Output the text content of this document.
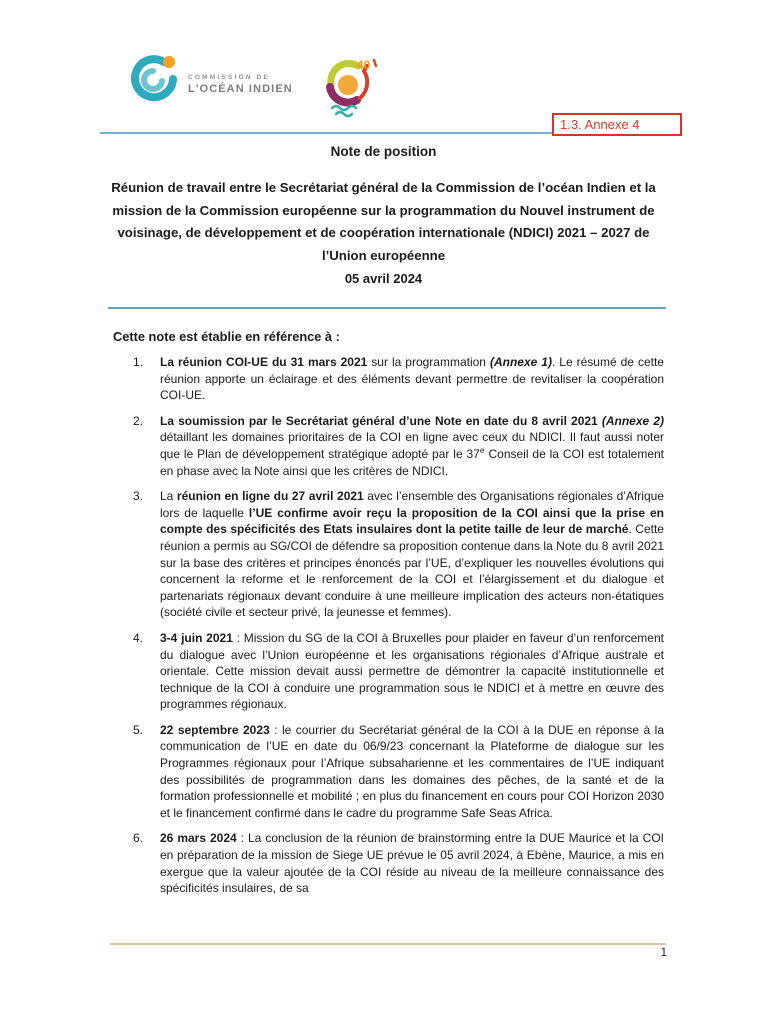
COMMISSION DE
L'OCÉAN INDIEN
40
1.3. Annexe 4
Note de position
Réunion de travail entre le Secrétariat général de la Commission de l’océan Indien et la mission de la Commission européenne sur la programmation du Nouvel instrument de voisinage, de développement et de coopération internationale (NDICI) 2021 – 2027 de l’Union européenne
05 avril 2024
Cette note est établie en référence à :
1.	La réunion COI-UE du 31 mars 2021 sur la programmation (Annexe 1). Le résumé de cette réunion apporte un éclairage et des éléments devant permettre de revitaliser la coopération COI-UE.
2.	La soumission par le Secrétariat général d’une Note en date du 8 avril 2021 (Annexe 2) détaillant les domaines prioritaires de la COI en ligne avec ceux du NDICI. Il faut aussi noter que le Plan de développement stratégique adopté par le 37e Conseil de la COI est totalement en phase avec la Note ainsi que les critères de NDICI.
3.	La réunion en ligne du 27 avril 2021 avec l’ensemble des Organisations régionales d’Afrique lors de laquelle l’UE confirme avoir reçu la proposition de la COI ainsi que la prise en compte des spécificités des Etats insulaires dont la petite taille de leur de marché. Cette réunion a permis au SG/COI de défendre sa proposition contenue dans la Note du 8 avril 2021 sur la base des critères et principes énoncés par l’UE, d’expliquer les nouvelles évolutions qui concernent la reforme et le renforcement de la COI et l’élargissement et du dialogue et partenariats régionaux devant conduire à une meilleure implication des acteurs non-étatiques (société civile et secteur privé, la jeunesse et femmes).
4.	3-4 juin 2021 : Mission du SG de la COI à Bruxelles pour plaider en faveur d’un renforcement du dialogue avec l’Union européenne et les organisations régionales d’Afrique australe et orientale. Cette mission devait aussi permettre de démontrer la capacité institutionnelle et technique de la COI à conduire une programmation sous le NDICI et à mettre en œuvre des programmes régionaux.
5.	22 septembre 2023 : le courrier du Secrétariat général de la COI à la DUE en réponse à la communication de l’UE en date du 06/9/23 concernant la Plateforme de dialogue sur les Programmes régionaux pour l’Afrique subsaharienne et les commentaires de l’UE indiquant des possibilités de programmation dans les domaines des pêches, de la santé et de la formation professionnelle et mobilité ; en plus du financement en cours pour COI Horizon 2030 et le financement confirmé dans le cadre du programme Safe Seas Africa.
6.	26 mars 2024 : La conclusion de la réunion de brainstorming entre la DUE Maurice et la COI en préparation de la mission de Siege UE prévue le 05 avril 2024, à Ebène, Maurice, a mis en exergue que la valeur ajoutée de la COI réside au niveau de la meilleure connaissance des spécificités insulaires, de sa
1
